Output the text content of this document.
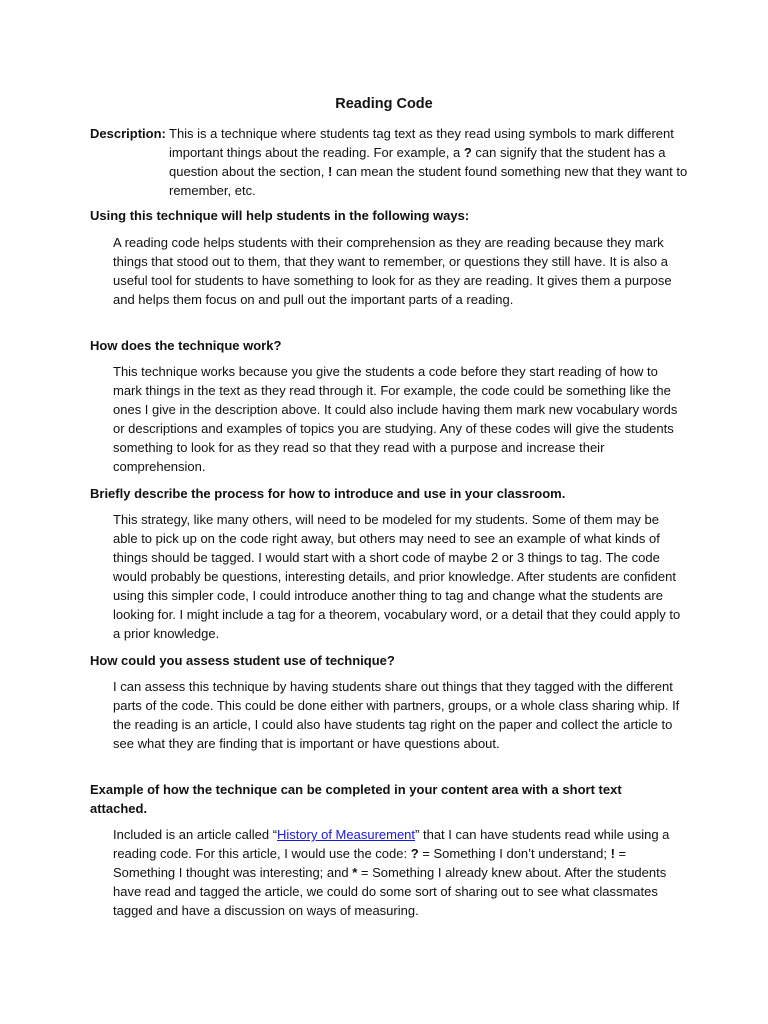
Reading Code
Description: This is a technique where students tag text as they read using symbols to mark different important things about the reading. For example, a ? can signify that the student has a question about the section, ! can mean the student found something new that they want to remember, etc.
Using this technique will help students in the following ways:
A reading code helps students with their comprehension as they are reading because they mark things that stood out to them, that they want to remember, or questions they still have. It is also a useful tool for students to have something to look for as they are reading. It gives them a purpose and helps them focus on and pull out the important parts of a reading.
How does the technique work?
This technique works because you give the students a code before they start reading of how to mark things in the text as they read through it. For example, the code could be something like the ones I give in the description above. It could also include having them mark new vocabulary words or descriptions and examples of topics you are studying. Any of these codes will give the students something to look for as they read so that they read with a purpose and increase their comprehension.
Briefly describe the process for how to introduce and use in your classroom.
This strategy, like many others, will need to be modeled for my students. Some of them may be able to pick up on the code right away, but others may need to see an example of what kinds of things should be tagged. I would start with a short code of maybe 2 or 3 things to tag. The code would probably be questions, interesting details, and prior knowledge. After students are confident using this simpler code, I could introduce another thing to tag and change what the students are looking for. I might include a tag for a theorem, vocabulary word, or a detail that they could apply to a prior knowledge.
How could you assess student use of technique?
I can assess this technique by having students share out things that they tagged with the different parts of the code. This could be done either with partners, groups, or a whole class sharing whip. If the reading is an article, I could also have students tag right on the paper and collect the article to see what they are finding that is important or have questions about.
Example of how the technique can be completed in your content area with a short text attached.
Included is an article called “History of Measurement” that I can have students read while using a reading code. For this article, I would use the code: ? = Something I don’t understand; ! = Something I thought was interesting; and * = Something I already knew about. After the students have read and tagged the article, we could do some sort of sharing out to see what classmates tagged and have a discussion on ways of measuring.
